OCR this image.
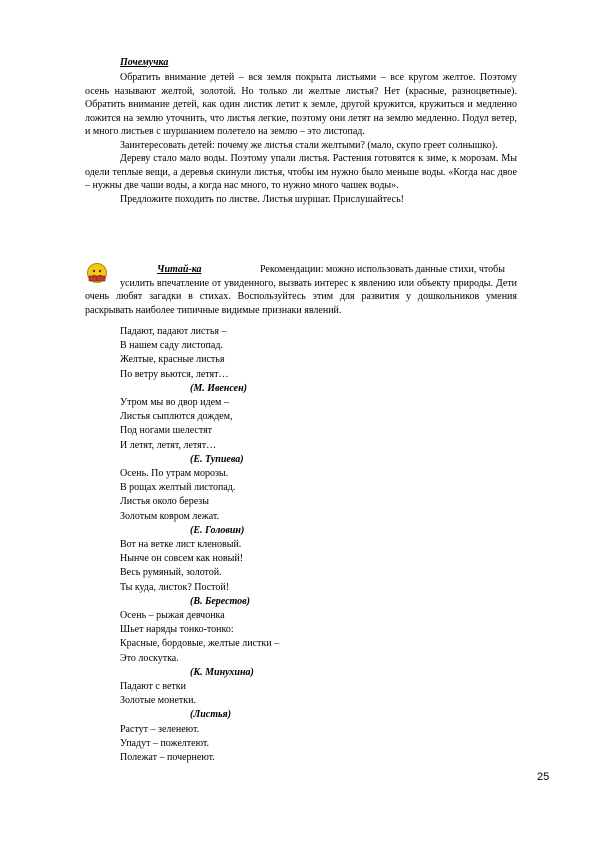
Почемучка

Обратить внимание детей – вся земля покрыта листьями – все кругом желтое. Поэтому осень называют желтой, золотой. Но только ли желтые листья? Нет (красные, разноцветные). Обратить внимание детей, как один листик летит к земле, другой кружится, кружиться и медленно ложится на землю уточнить, что листья легкие, поэтому они летят на землю медленно. Подул ветер, и много листьев с шуршанием полетело на землю – это листопад.

Заинтересовать детей: почему же листья стали желтыми? (мало, скупо греет солнышко).

Дереву стало мало воды. Поэтому упали листья. Растения готовятся к зиме, к морозам. Мы одели теплые вещи, а деревья скинули листья, чтобы им нужно было меньше воды. «Когда нас двое – нужны две чаши воды, а когда нас много, то нужно много чашек воды».

Предложите походить по листве. Листья шуршат. Прислушайтесь!

Читай-ка	Рекомендации: можно использовать данные стихи, чтобы

усилить впечатление от увиденного, вызвать интерес к явлению или объекту природы. Дети очень любят загадки в стихах. Воспользуйтесь этим для развития у дошкольников умения раскрывать наиболее типичные видимые признаки явлений.

Падают, падают листья –
В нашем саду листопад.
Желтые, красные листья
По ветру вьются, летят…
(М. Ивенсен)
Утром мы во двор идем –
Листья сыплются дождем,
Под ногами шелестят
И летят, летят, летят…
(Е. Тупиева)
Осень. По утрам морозы.
В рощах желтый листопад.
Листья около березы
Золотым ковром лежат.
(Е. Головин)
Вот на ветке лист кленовый.
Нынче он совсем как новый!
Весь румяный, золотой.
Ты куда, листок? Постой!
(В. Берестов)
Осень – рыжая девчонка
Шьет наряды тонко-тонко:
Красные, бордовые, желтые листки –
Это лоскутка.
(К. Минухина)
Падают с ветки
Золотые монетки.
(Листья)
Растут – зеленеют.
Упадут – пожелтеют.
Полежат – почернеют.
25
